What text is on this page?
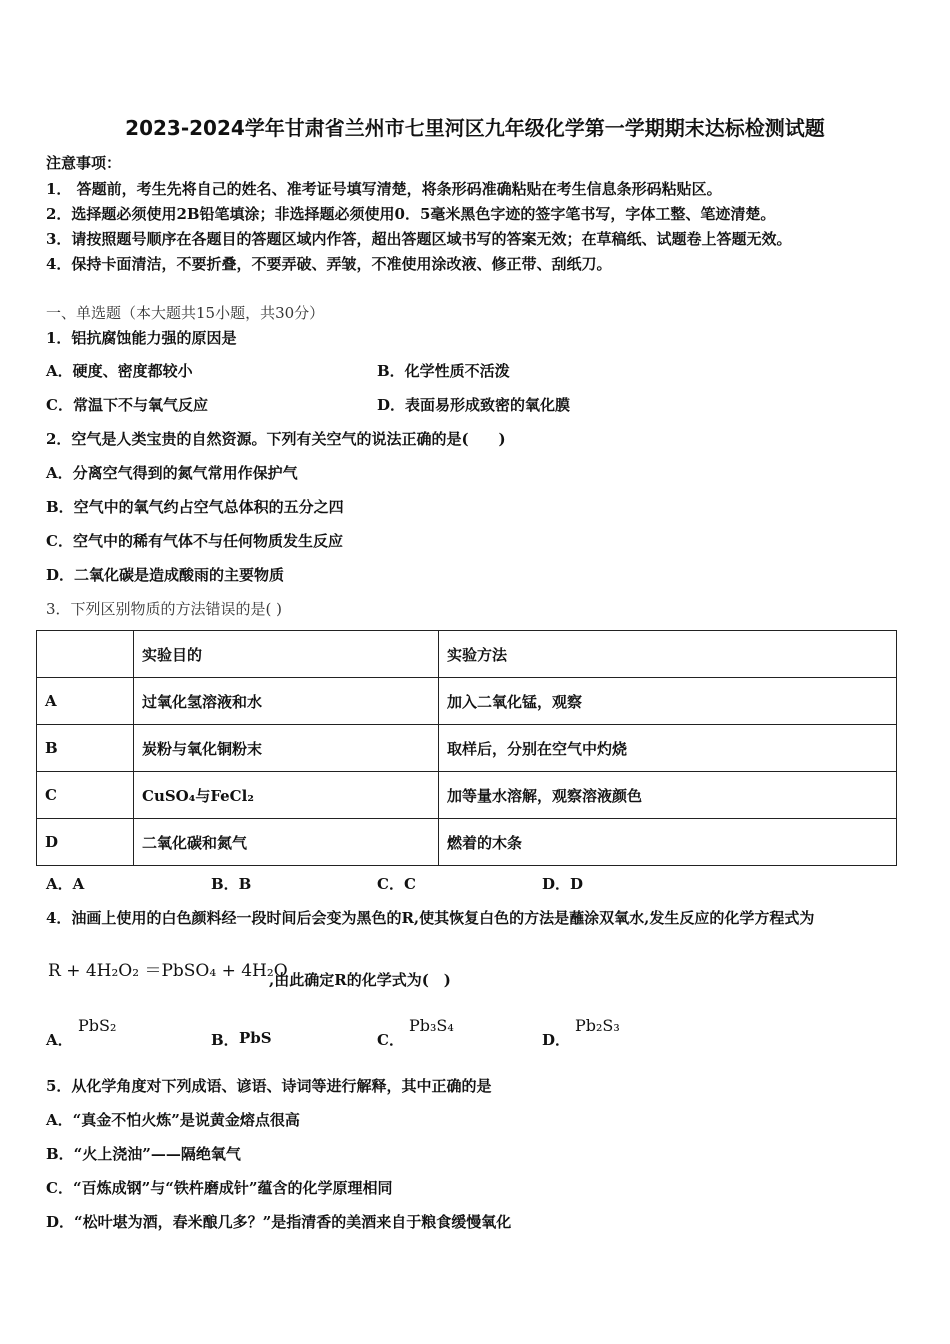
2023-2024学年甘肃省兰州市七里河区九年级化学第一学期期末达标检测试题
注意事项：
1． 答题前，考生先将自己的姓名、准考证号填写清楚，将条形码准确粘贴在考生信息条形码粘贴区。
2．选择题必须使用2B铅笔填涂；非选择题必须使用0．5毫米黑色字迹的签字笔书写，字体工整、笔迹清楚。
3．请按照题号顺序在各题目的答题区域内作答，超出答题区域书写的答案无效；在草稿纸、试题卷上答题无效。
4．保持卡面清洁，不要折叠，不要弄破、弄皱，不准使用涂改液、修正带、刮纸刀。
一、单选题（本大题共15小题，共30分）
1．铝抗腐蚀能力强的原因是
A．硬度、密度都较小	B．化学性质不活泼
C．常温下不与氧气反应	D．表面易形成致密的氧化膜
2．空气是人类宝贵的自然资源。下列有关空气的说法正确的是(　　)
A．分离空气得到的氮气常用作保护气
B．空气中的氧气约占空气总体积的五分之四
C．空气中的稀有气体不与任何物质发生反应
D．二氧化碳是造成酸雨的主要物质
3．下列区别物质的方法错误的是( )
	实验目的	实验方法
A	过氧化氢溶液和水	加入二氧化锰，观察
B	炭粉与氧化铜粉末	取样后，分别在空气中灼烧
C	CuSO₄与FeCl₂	加等量水溶解，观察溶液颜色
D	二氧化碳和氮气	燃着的木条
A．A	B．B	C．C	D．D
4．油画上使用的白色颜料经一段时间后会变为黑色的R,使其恢复白色的方法是蘸涂双氧水,发生反应的化学方程式为
R + 4H₂O₂ ＝PbSO₄ + 4H₂O
,由此确定R的化学式为(　)
A．
PbS₂
B． PbS	C．
Pb₃S₄
D．
Pb₂S₃
5．从化学角度对下列成语、谚语、诗词等进行解释，其中正确的是
A．“真金不怕火炼”是说黄金熔点很高
B．“火上浇油”——隔绝氧气
C．“百炼成钢”与“铁杵磨成针”蕴含的化学原理相同
D．“松叶堪为酒，春米酿几多？”是指清香的美酒来自于粮食缓慢氧化
